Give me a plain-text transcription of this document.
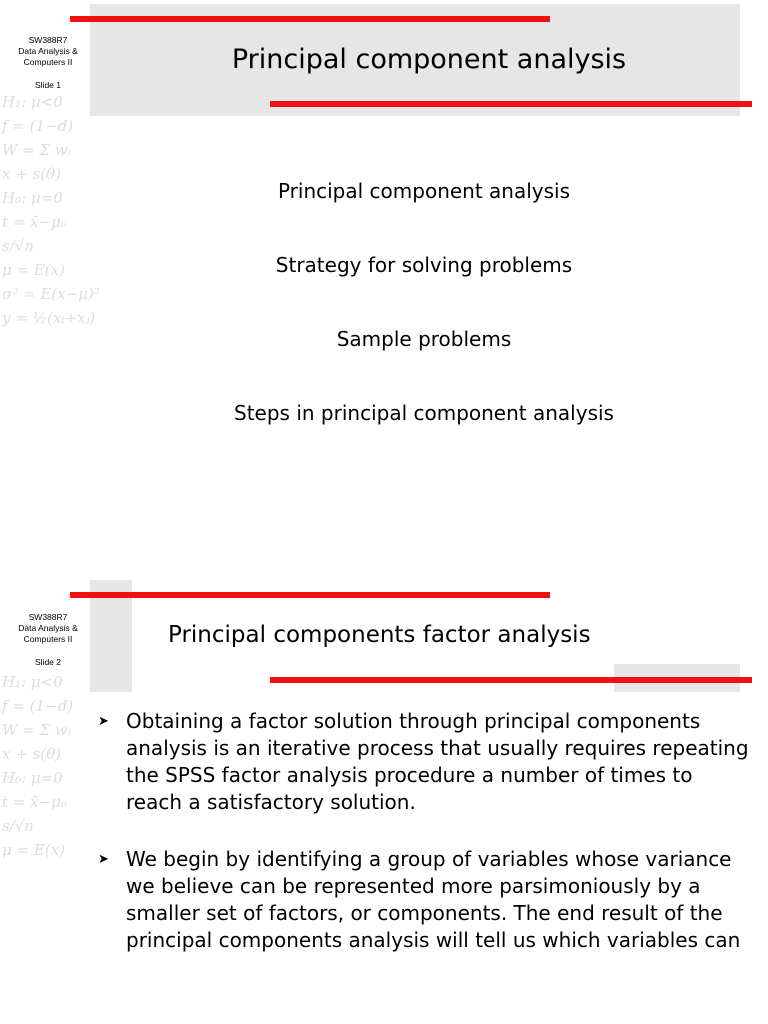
H₁: μ<0
f = (1−d)
W = Σ wᵢ
x + s(θ)
H₀: μ=0
t = x̄−μ₀
s/√n
μ = E(x)
σ² = E(x−μ)²
y = ½(xᵢ+xⱼ)
SW388R7
Data Analysis &
Computers II
Slide 1
Principal component analysis
Principal component analysis
Strategy for solving problems
Sample problems
Steps in principal component analysis
H₁: μ<0
f = (1−d)
W = Σ wᵢ
x + s(θ)
H₀: μ=0
t = x̄−μ₀
s/√n
μ = E(x)
SW388R7
Data Analysis &
Computers II
Slide 2
Principal components factor analysis
➤ Obtaining a factor solution through principal components analysis is an iterative process that usually requires repeating the SPSS factor analysis procedure a number of times to reach a satisfactory solution.
➤ We begin by identifying a group of variables whose variance we believe can be represented more parsimoniously by a smaller set of factors, or components. The end result of the principal components analysis will tell us which variables can
